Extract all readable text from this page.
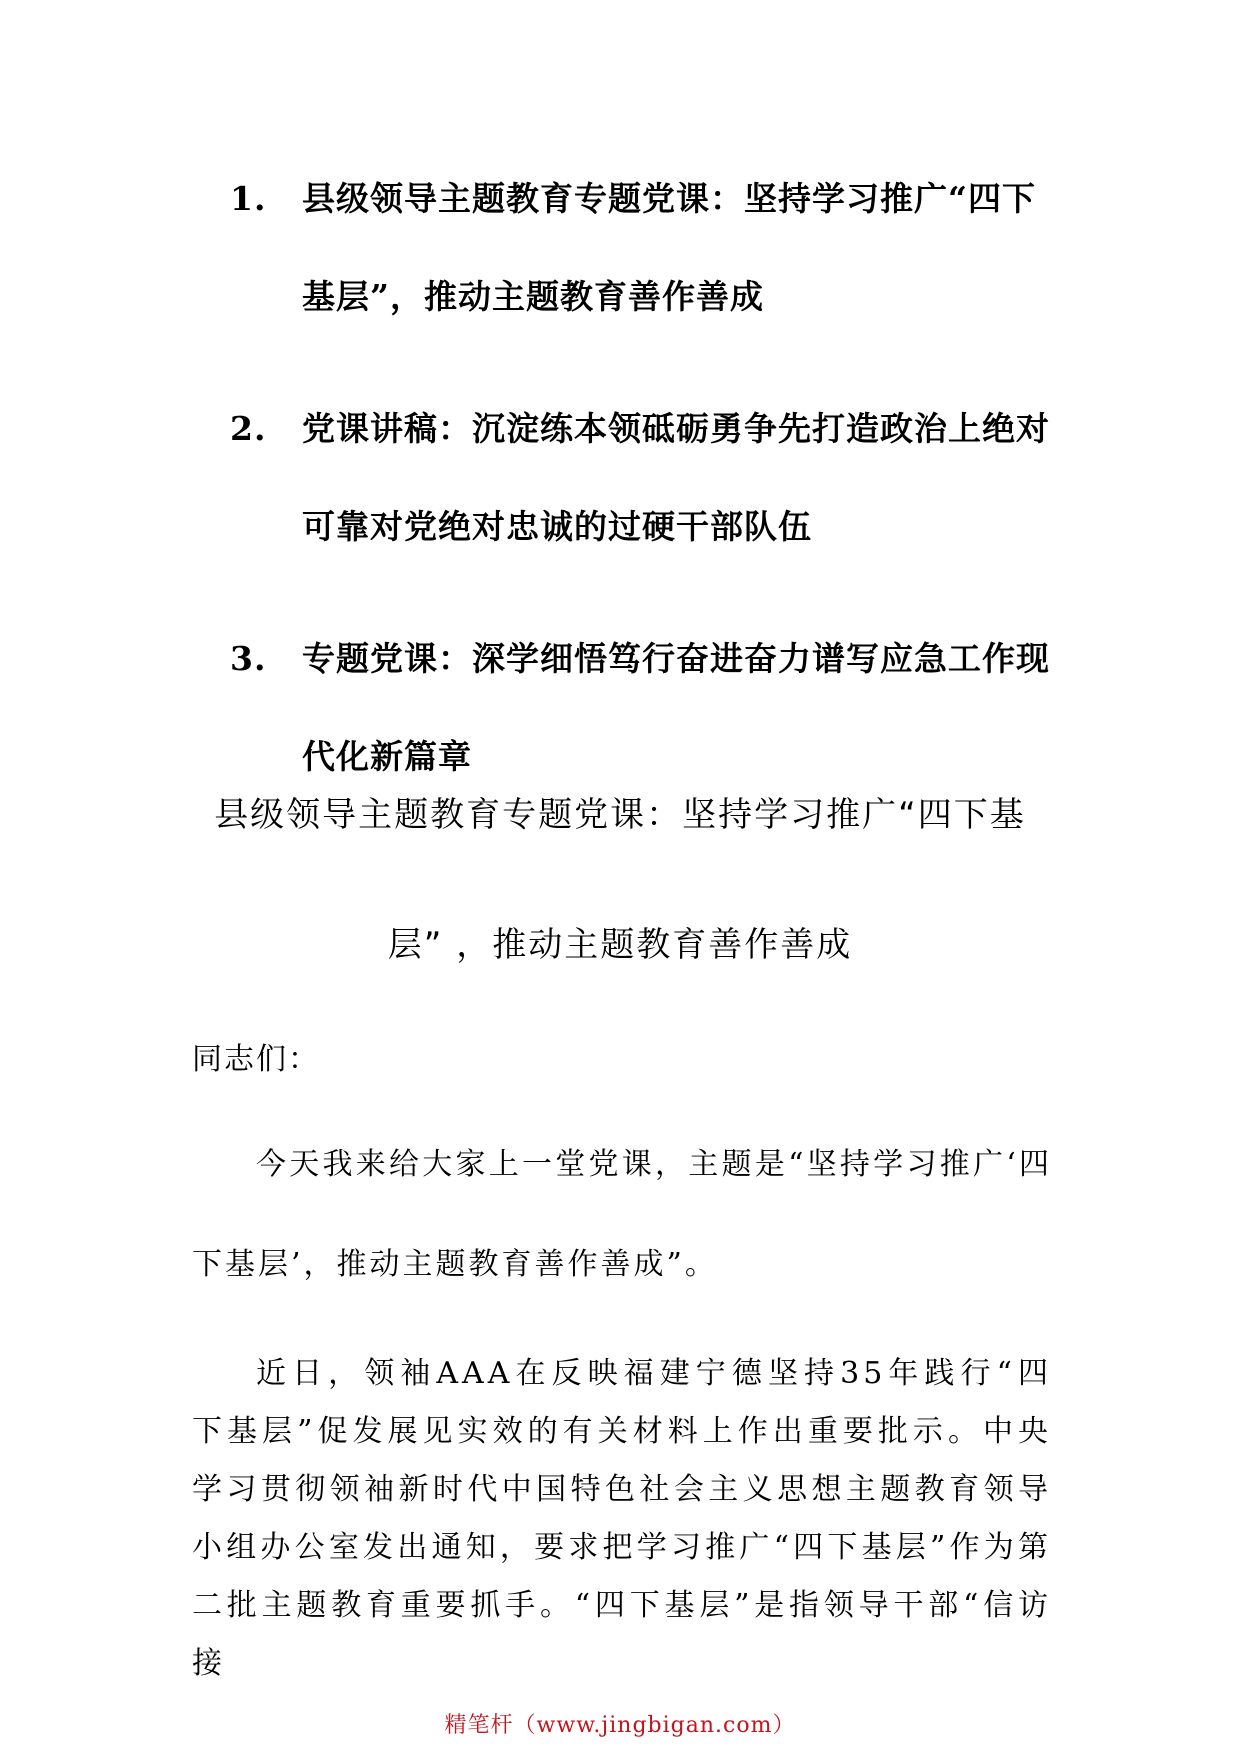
1. 县级领导主题教育专题党课：坚持学习推广“四下基层”，推动主题教育善作善成
2. 党课讲稿：沉淀练本领砥砺勇争先打造政治上绝对可靠对党绝对忠诚的过硬干部队伍
3. 专题党课：深学细悟笃行奋进奋力谱写应急工作现代化新篇章
县级领导主题教育专题党课：坚持学习推广“四下基
层” ，推动主题教育善作善成

同志们：

今天我来给大家上一堂党课，主题是“坚持学习推广‘四下基层’，推动主题教育善作善成”。

近日，领袖AAA在反映福建宁德坚持35年践行“四 下基层”促发展见实效的有关材料上作出重要批示。中央学习贯彻领袖新时代中国特色社会主义思想主题教育领导小组办公室发出通知，要求把学习推广“四下基层”作为第二批主题教育重要抓手。“四下基层”是指领导干部“信访接

精笔杆（www.jingbigan.com）
